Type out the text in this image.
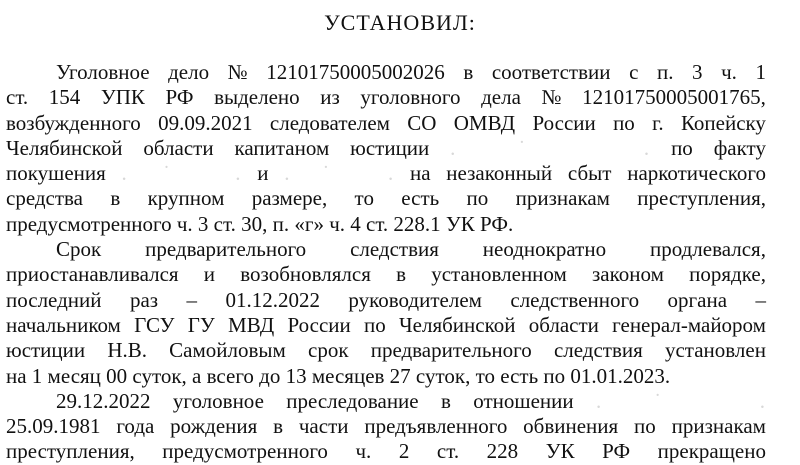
УСТАНОВИЛ:
Уголовное дело № 12101750005002026 в соответствии с п. 3 ч. 1
ст. 154 УПК РФ выделено из уголовного дела № 12101750005001765,
возбужденного 09.09.2021 следователем СО ОМВД России по г. Копейску
Челябинской области капитаном юстиции . ˙ . по факту
покушения . ˙ . и . ˙ . на незаконный сбыт наркотического
средства в крупном размере, то есть по признакам преступления,
предусмотренного ч. 3 ст. 30, п. «г» ч. 4 ст. 228.1 УК РФ.
Срок предварительного следствия неоднократно продлевался,
приостанавливался и возобновлялся в установленном законом порядке,
последний раз – 01.12.2022 руководителем следственного органа –
начальником ГСУ ГУ МВД России по Челябинской области генерал-майором
юстиции Н.В. Самойловым срок предварительного следствия установлен
на 1 месяц 00 суток, а всего до 13 месяцев 27 суток, то есть по 01.01.2023.
29.12.2022 уголовное преследование в отношении . ˙ .
25.09.1981 года рождения в части предъявленного обвинения по признакам
преступления, предусмотренного ч. 2 ст. 228 УК РФ прекращено
